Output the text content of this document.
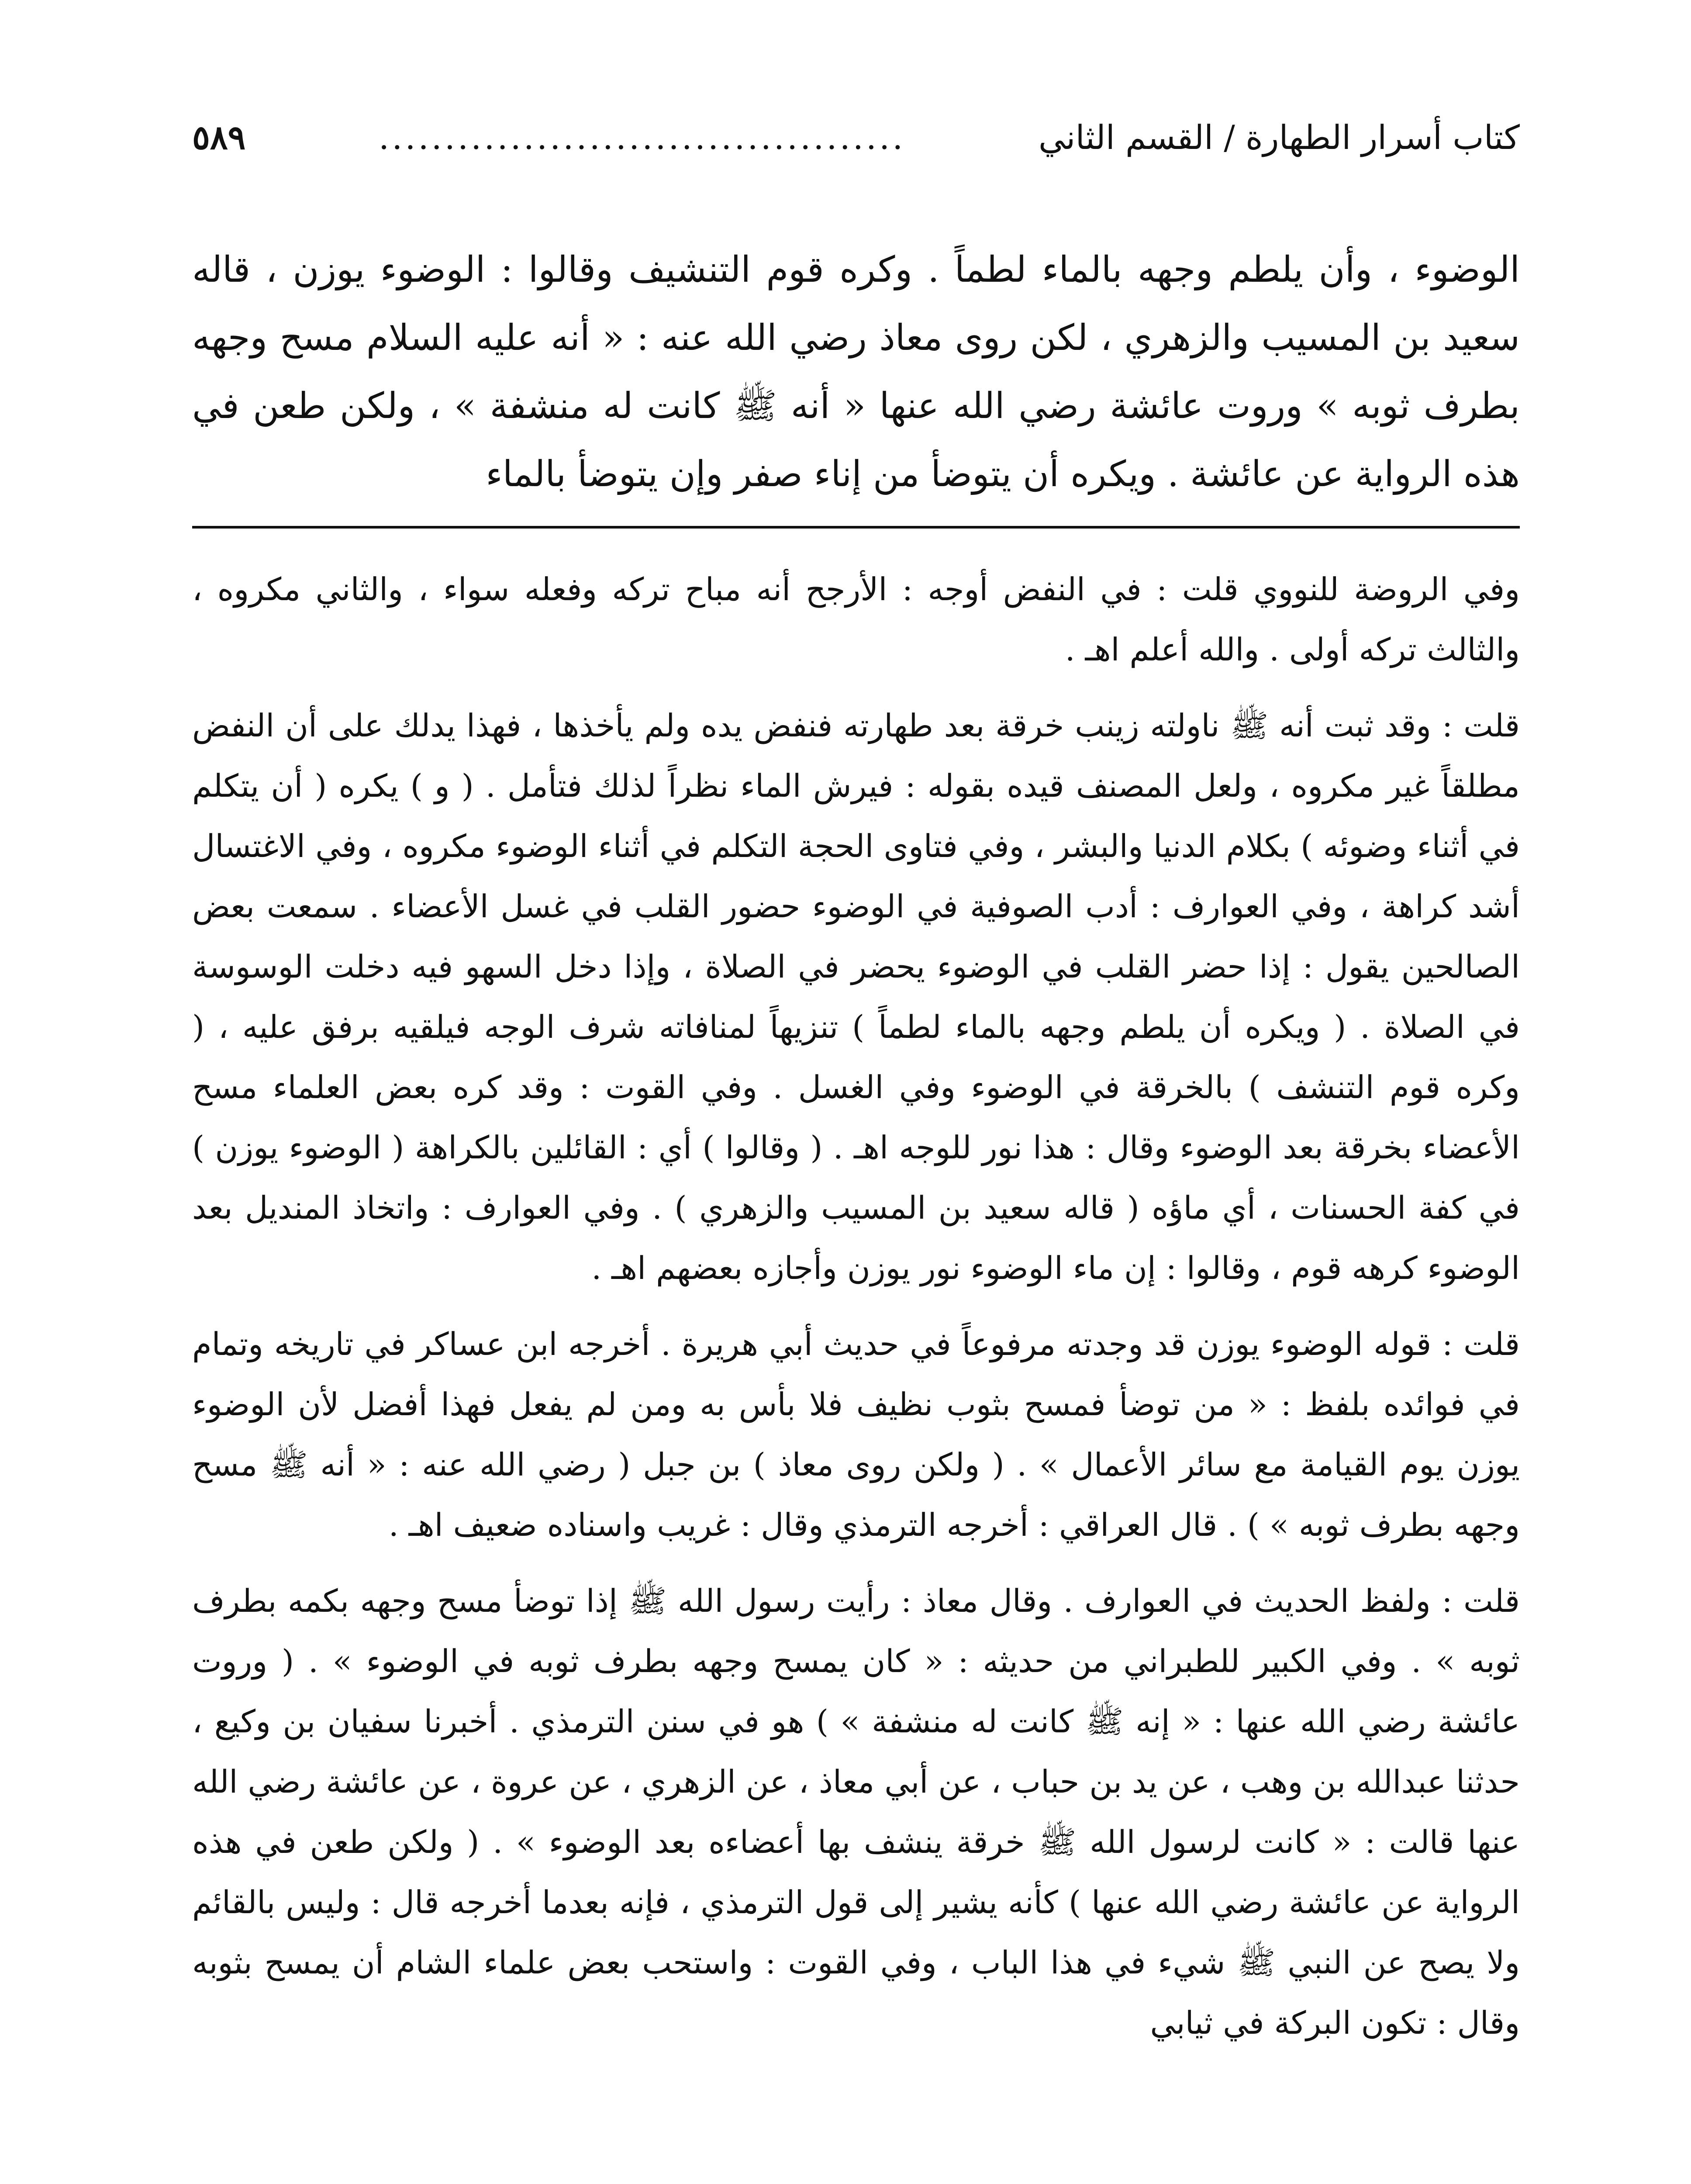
كتاب أسرار الطهارة / القسم الثاني
........................................
٥٨٩
الوضوء ، وأن يلطم وجهه بالماء لطماً . وكره قوم التنشيف وقالوا : الوضوء يوزن ، قاله سعيد بن المسيب والزهري ، لكن روى معاذ رضي الله عنه : « أنه عليه السلام مسح وجهه بطرف ثوبه » وروت عائشة رضي الله عنها « أنه ﷺ كانت له منشفة » ، ولكن طعن في هذه الرواية عن عائشة . ويكره أن يتوضأ من إناء صفر وإن يتوضأ بالماء

وفي الروضة للنووي قلت : في النفض أوجه : الأرجح أنه مباح تركه وفعله سواء ، والثاني مكروه ، والثالث تركه أولى . والله أعلم اهـ .

قلت : وقد ثبت أنه ﷺ ناولته زينب خرقة بعد طهارته فنفض يده ولم يأخذها ، فهذا يدلك على أن النفض مطلقاً غير مكروه ، ولعل المصنف قيده بقوله : فيرش الماء نظراً لذلك فتأمل . ( و ) يكره ( أن يتكلم في أثناء وضوئه ) بكلام الدنيا والبشر ، وفي فتاوى الحجة التكلم في أثناء الوضوء مكروه ، وفي الاغتسال أشد كراهة ، وفي العوارف : أدب الصوفية في الوضوء حضور القلب في غسل الأعضاء . سمعت بعض الصالحين يقول : إذا حضر القلب في الوضوء يحضر في الصلاة ، وإذا دخل السهو فيه دخلت الوسوسة في الصلاة . ( ويكره أن يلطم وجهه بالماء لطماً ) تنزيهاً لمنافاته شرف الوجه فيلقيه برفق عليه ، ( وكره قوم التنشف ) بالخرقة في الوضوء وفي الغسل . وفي القوت : وقد كره بعض العلماء مسح الأعضاء بخرقة بعد الوضوء وقال : هذا نور للوجه اهـ . ( وقالوا ) أي : القائلين بالكراهة ( الوضوء يوزن ) في كفة الحسنات ، أي ماؤه ( قاله سعيد بن المسيب والزهري ) . وفي العوارف : واتخاذ المنديل بعد الوضوء كرهه قوم ، وقالوا : إن ماء الوضوء نور يوزن وأجازه بعضهم اهـ .

قلت : قوله الوضوء يوزن قد وجدته مرفوعاً في حديث أبي هريرة . أخرجه ابن عساكر في تاريخه وتمام في فوائده بلفظ : « من توضأ فمسح بثوب نظيف فلا بأس به ومن لم يفعل فهذا أفضل لأن الوضوء يوزن يوم القيامة مع سائر الأعمال » . ( ولكن روى معاذ ) بن جبل ( رضي الله عنه : « أنه ﷺ مسح وجهه بطرف ثوبه » ) . قال العراقي : أخرجه الترمذي وقال : غريب واسناده ضعيف اهـ .

قلت : ولفظ الحديث في العوارف . وقال معاذ : رأيت رسول الله ﷺ إذا توضأ مسح وجهه بكمه بطرف ثوبه » . وفي الكبير للطبراني من حديثه : « كان يمسح وجهه بطرف ثوبه في الوضوء » . ( وروت عائشة رضي الله عنها : « إنه ﷺ كانت له منشفة » ) هو في سنن الترمذي . أخبرنا سفيان بن وكيع ، حدثنا عبدالله بن وهب ، عن يد بن حباب ، عن أبي معاذ ، عن الزهري ، عن عروة ، عن عائشة رضي الله عنها قالت : « كانت لرسول الله ﷺ خرقة ينشف بها أعضاءه بعد الوضوء » . ( ولكن طعن في هذه الرواية عن عائشة رضي الله عنها ) كأنه يشير إلى قول الترمذي ، فإنه بعدما أخرجه قال : وليس بالقائم ولا يصح عن النبي ﷺ شيء في هذا الباب ، وفي القوت : واستحب بعض علماء الشام أن يمسح بثوبه وقال : تكون البركة في ثيابي
